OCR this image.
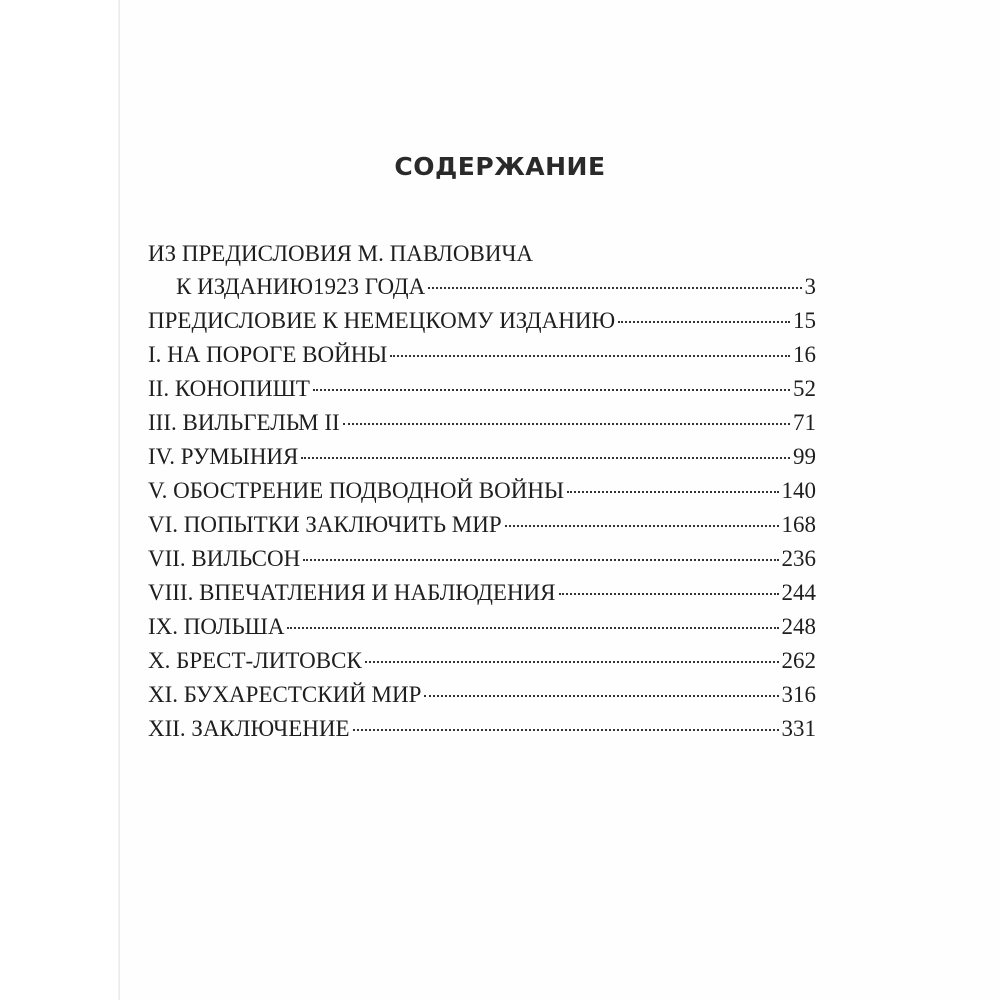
СОДЕРЖАНИЕ
ИЗ ПРЕДИСЛОВИЯ М. ПАВЛОВИЧА
К ИЗДАНИЮ1923 ГОДА	3
ПРЕДИСЛОВИЕ К НЕМЕЦКОМУ ИЗДАНИЮ	15
I. НА ПОРОГЕ ВОЙНЫ	16
II. КОНОПИШТ	52
III. ВИЛЬГЕЛЬМ II	71
IV. РУМЫНИЯ	99
V. ОБОСТРЕНИЕ ПОДВОДНОЙ ВОЙНЫ	140
VI. ПОПЫТКИ ЗАКЛЮЧИТЬ МИР	168
VII. ВИЛЬСОН	236
VIII. ВПЕЧАТЛЕНИЯ И НАБЛЮДЕНИЯ	244
IX. ПОЛЬША	248
X. БРЕСТ-ЛИТОВСК	262
XI. БУХАРЕСТСКИЙ МИР	316
XII. ЗАКЛЮЧЕНИЕ	331
